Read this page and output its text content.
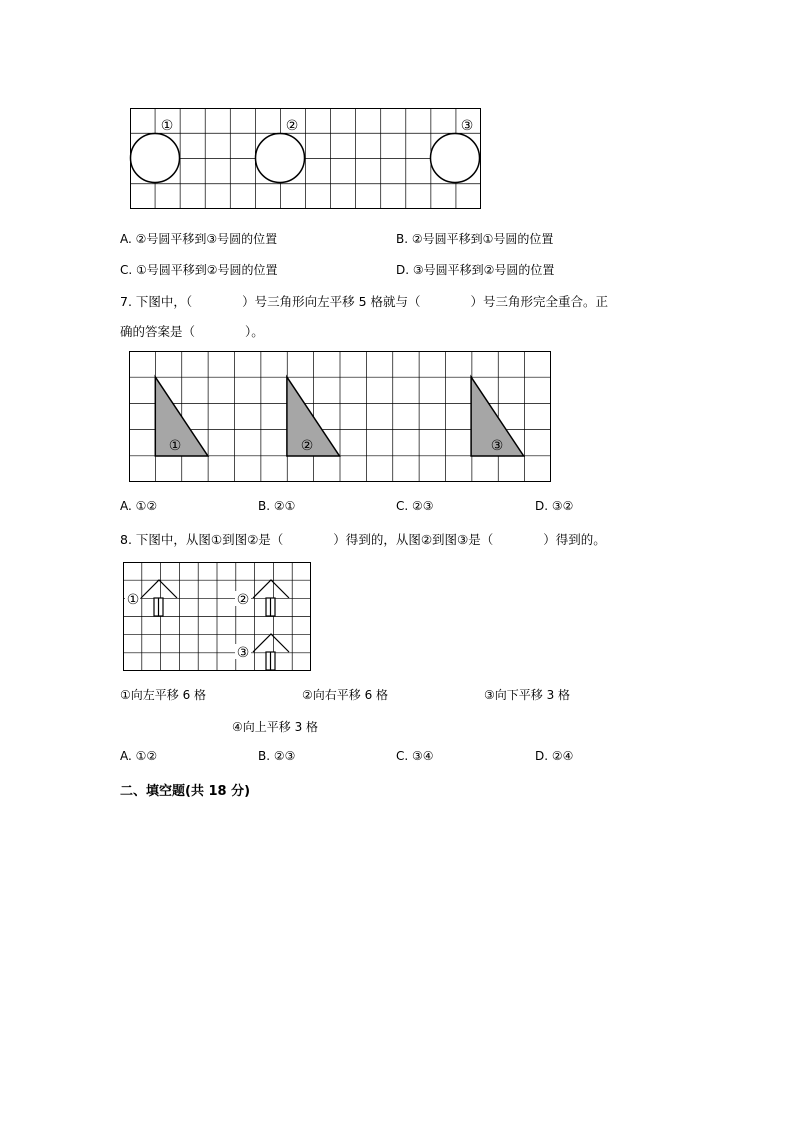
①	②	③
A. ②号圆平移到③号圆的位置	B. ②号圆平移到①号圆的位置
C. ①号圆平移到②号圆的位置	D. ③号圆平移到②号圆的位置
7. 下图中，（　　　　）号三角形向左平移 5 格就与（　　　　）号三角形完全重合。正
确的答案是（　　　　）。
①	②	③
A. ①②	B. ②①	C. ②③	D. ③②
8. 下图中，从图①到图②是（　　　　）得到的，从图②到图③是（　　　　）得到的。
①	②
③
①向左平移 6 格	②向右平移 6 格	③向下平移 3 格
④向上平移 3 格
A. ①②	B. ②③	C. ③④	D. ②④
二、填空题(共 18 分)
